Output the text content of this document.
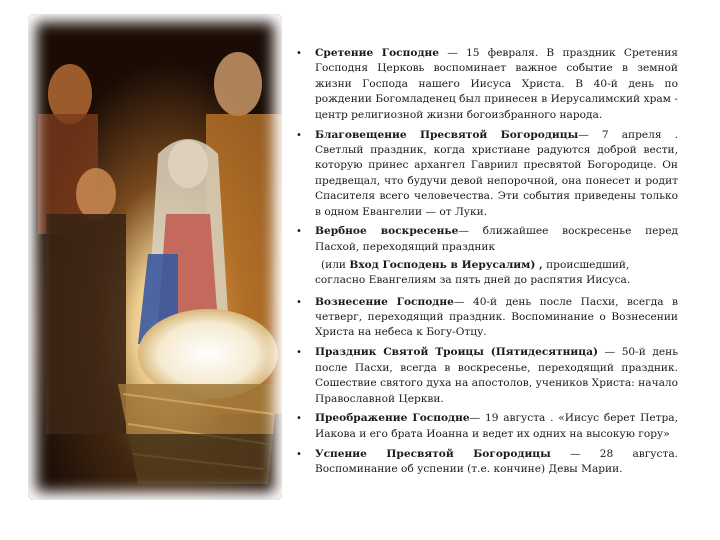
• Сретение Господне — 15 февраля. В праздник Сретения Господня Церковь воспоминает важное событие в земной жизни Господа нашего Иисуса Христа. В 40-й день по рождении Богомладенец был принесен в Иерусалимский храм - центр религиозной жизни богоизбранного народа.
• Благовещение Пресвятой Богородицы— 7 апреля . Светлый праздник, когда христиане радуются доброй вести, которую принес архангел Гавриил пресвятой Богородице. Он предвещал, что будучи девой непорочной, она понесет и родит Спасителя всего человечества. Эти события приведены только в одном Евангелии — от Луки.
• Вербное воскресенье— ближайшее воскресенье перед Пасхой, переходящий праздник
(или Вход Господень в Иерусалим) , происшедший, согласно Евангелиям за пять дней до распятия Иисуса.
• Вознесение Господне— 40-й день после Пасхи, всегда в четверг, переходящий праздник. Воспоминание о Вознесении Христа на небеса к Богу-Отцу.
• Праздник Святой Троицы (Пятидесятница) — 50-й день после Пасхи, всегда в воскресенье, переходящий праздник. Сошествие святого духа на апостолов, учеников Христа: начало Православной Церкви.
• Преображение Господне— 19 августа . «Иисус берет Петра, Иакова и его брата Иоанна и ведет их одних на высокую гору»
• Успение Пресвятой Богородицы — 28 августа. Воспоминание об успении (т.е. кончине) Девы Марии.
